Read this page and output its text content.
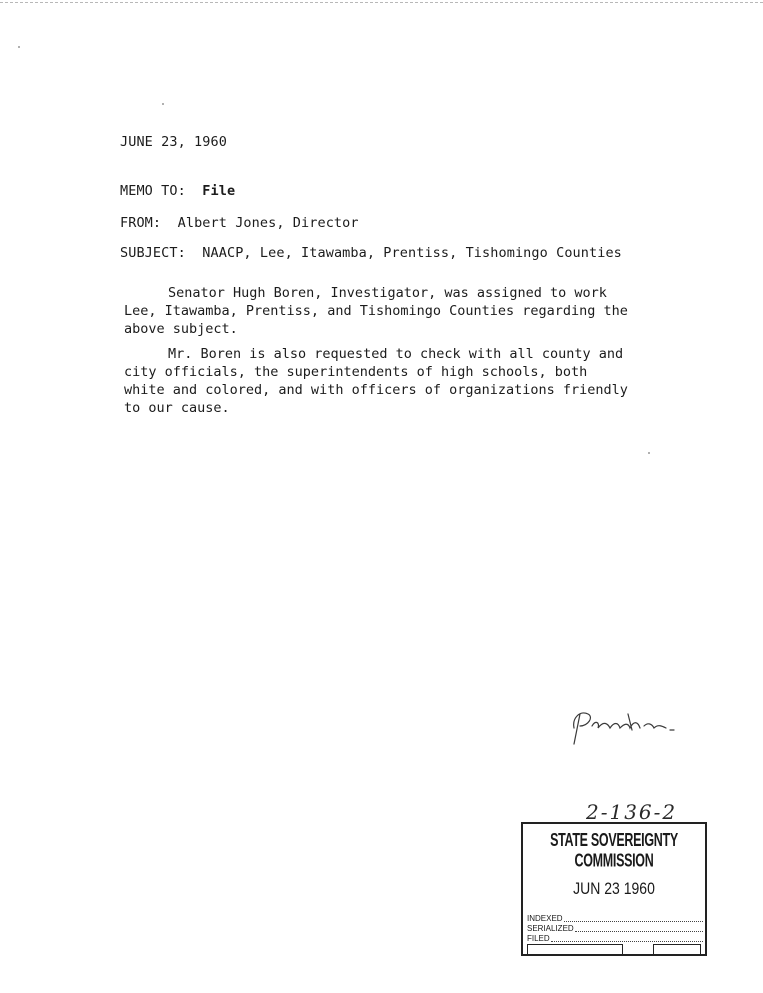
JUNE 23, 1960
MEMO TO: File
FROM: Albert Jones, Director
SUBJECT: NAACP, Lee, Itawamba, Prentiss, Tishomingo Counties
Senator Hugh Boren, Investigator, was assigned to work
Lee, Itawamba, Prentiss, and Tishomingo Counties regarding the
above subject.
Mr. Boren is also requested to check with all county and
city officials, the superintendents of high schools, both
white and colored, and with officers of organizations friendly
to our cause.
2-136-2
STATE SOVEREIGNTY COMMISSION
JUN 23 1960
INDEXED
SERIALIZED
FILED
